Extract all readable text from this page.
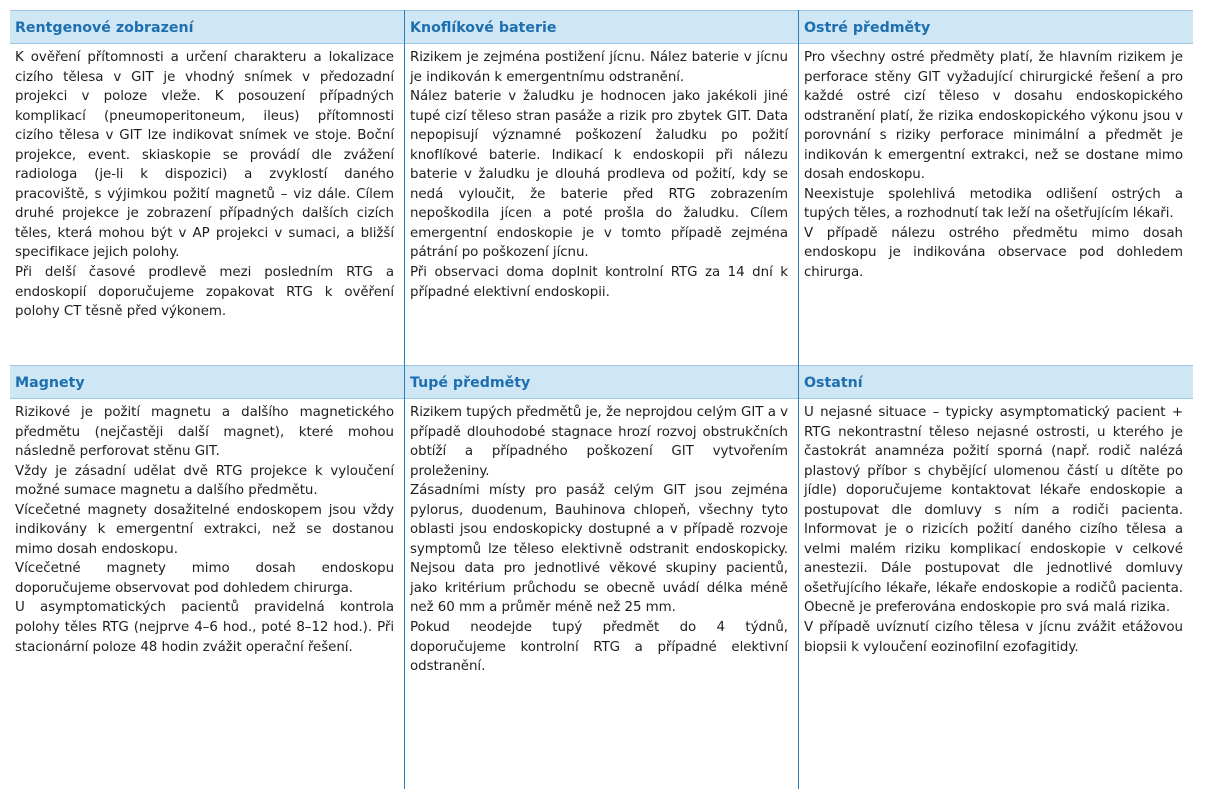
Rentgenové zobrazení

K ověření přítomnosti a určení charakteru a lokalizace cizího tělesa v GIT je vhodný snímek v předozadní projekci v poloze vleže. K posouzení případných komplikací (pneumoperitoneum, ileus) přítomnosti cizího tělesa v GIT lze indikovat snímek ve stoje. Boční projekce, event. skiaskopie se provádí dle zvážení radiologa (je-li k dispozici) a zvyklostí daného pracoviště, s výjimkou požití magnetů – viz dále. Cílem druhé projekce je zobrazení případných dalších cizích těles, která mohou být v AP projekci v sumaci, a bližší specifikace jejich polohy.

Při delší časové prodlevě mezi posledním RTG a endoskopií doporučujeme zopakovat RTG k ověření polohy CT těsně před výkonem.

Knoflíkové baterie

Rizikem je zejména postižení jícnu. Nález baterie v jícnu je indikován k emergentnímu odstranění.

Nález baterie v žaludku je hodnocen jako jakékoli jiné tupé cizí těleso stran pasáže a rizik pro zbytek GIT. Data nepopisují významné poškození žaludku po požití knoflíkové baterie. Indikací k endoskopii při nálezu baterie v žaludku je dlouhá prodleva od požití, kdy se nedá vyloučit, že baterie před RTG zobrazením nepoškodila jícen a poté prošla do žaludku. Cílem emergentní endoskopie je v tomto případě zejména pátrání po poškození jícnu.

Při observaci doma doplnit kontrolní RTG za 14 dní k případné elektivní endoskopii.

Ostré předměty

Pro všechny ostré předměty platí, že hlavním rizikem je perforace stěny GIT vyžadující chirurgické řešení a pro každé ostré cizí těleso v dosahu endoskopického odstranění platí, že rizika endoskopického výkonu jsou v porovnání s riziky perforace minimální a předmět je indikován k emergentní extrakci, než se dostane mimo dosah endoskopu.

Neexistuje spolehlivá metodika odlišení ostrých a tupých těles, a rozhodnutí tak leží na ošetřujícím lékaři.

V případě nálezu ostrého předmětu mimo dosah endoskopu je indikována observace pod dohledem chirurga.

Magnety

Rizikové je požití magnetu a dalšího magnetického předmětu (nejčastěji další magnet), které mohou následně perforovat stěnu GIT.

Vždy je zásadní udělat dvě RTG projekce k vyloučení možné sumace magnetu a dalšího předmětu.

Vícečetné magnety dosažitelné endoskopem jsou vždy indikovány k emergentní extrakci, než se dostanou mimo dosah endoskopu.

Vícečetné magnety mimo dosah endoskopu doporučujeme observovat pod dohledem chirurga.

U asymptomatických pacientů pravidelná kontrola polohy těles RTG (nejprve 4–6 hod., poté 8–12 hod.). Při stacionární poloze 48 hodin zvážit operační řešení.

Tupé předměty

Rizikem tupých předmětů je, že neprojdou celým GIT a v případě dlouhodobé stagnace hrozí rozvoj obstrukčních obtíží a případného poškození GIT vytvořením proleženiny.

Zásadními místy pro pasáž celým GIT jsou zejména pylorus, duodenum, Bauhinova chlopeň, všechny tyto oblasti jsou endoskopicky dostupné a v případě rozvoje symptomů lze těleso elektivně odstranit endoskopicky. Nejsou data pro jednotlivé věkové skupiny pacientů, jako kritérium průchodu se obecně uvádí délka méně než 60 mm a průměr méně než 25 mm.

Pokud neodejde tupý předmět do 4 týdnů, doporučujeme kontrolní RTG a případné elektivní odstranění.

Ostatní

U nejasné situace – typicky asymptomatický pacient + RTG nekontrastní těleso nejasné ostrosti, u kterého je častokrát anamnéza požití sporná (např. rodič nalézá plastový příbor s chybějící ulomenou částí u dítěte po jídle) doporučujeme kontaktovat lékaře endoskopie a postupovat dle domluvy s ním a rodiči pacienta. Informovat je o rizicích požití daného cizího tělesa a velmi malém riziku komplikací endoskopie v celkové anestezii. Dále postupovat dle jednotlivé domluvy ošetřujícího lékaře, lékaře endoskopie a rodičů pacienta. Obecně je preferována endoskopie pro svá malá rizika.

V případě uvíznutí cizího tělesa v jícnu zvážit etážovou biopsii k vyloučení eozinofilní ezofagitidy.
